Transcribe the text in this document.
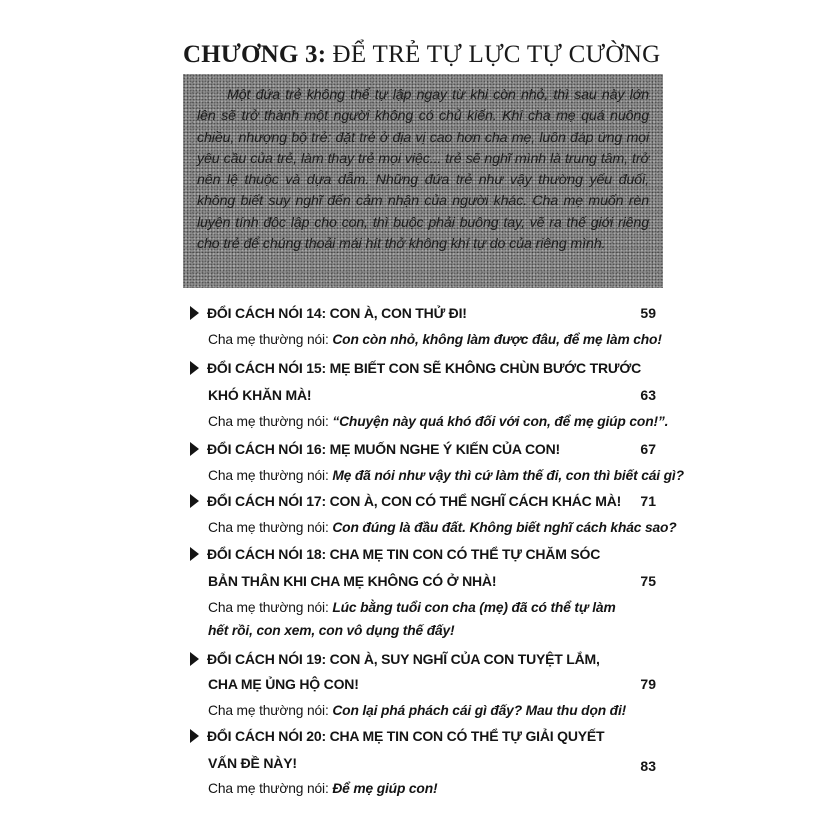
CHƯƠNG 3: ĐỂ TRẺ TỰ LỰC TỰ CƯỜNG

Một đứa trẻ không thể tự lập ngay từ khi còn nhỏ, thì sau này lớn lên sẽ trở thành một người không có chủ kiến. Khi cha mẹ quá nuông chiều, nhượng bộ trẻ: đặt trẻ ở địa vị cao hơn cha mẹ, luôn đáp ứng mọi yêu cầu của trẻ, làm thay trẻ mọi việc... trẻ sẽ nghĩ mình là trung tâm, trở nên lệ thuộc và dựa dẫm. Những đứa trẻ như vậy thường yếu đuối, không biết suy nghĩ đến cảm nhận của người khác. Cha mẹ muốn rèn luyện tính độc lập cho con, thì buộc phải buông tay, vẽ ra thế giới riêng cho trẻ để chúng thoải mái hít thở không khí tự do của riêng mình.

ĐỔI CÁCH NÓI 14: CON À, CON THỬ ĐI!	59
Cha mẹ thường nói: Con còn nhỏ, không làm được đâu, để mẹ làm cho!
ĐỔI CÁCH NÓI 15: MẸ BIẾT CON SẼ KHÔNG CHÙN BƯỚC TRƯỚC
KHÓ KHĂN MÀ!	63
Cha mẹ thường nói: “Chuyện này quá khó đối với con, để mẹ giúp con!”.
ĐỔI CÁCH NÓI 16: MẸ MUỐN NGHE Ý KIẾN CỦA CON!	67
Cha mẹ thường nói: Mẹ đã nói như vậy thì cứ làm thế đi, con thì biết cái gì?
ĐỔI CÁCH NÓI 17: CON À, CON CÓ THỂ NGHĨ CÁCH KHÁC MÀ!	71
Cha mẹ thường nói: Con đúng là đầu đất. Không biết nghĩ cách khác sao?
ĐỔI CÁCH NÓI 18: CHA MẸ TIN CON CÓ THỂ TỰ CHĂM SÓC
BẢN THÂN KHI CHA MẸ KHÔNG CÓ Ở NHÀ!	75
Cha mẹ thường nói: Lúc bằng tuổi con cha (mẹ) đã có thể tự làm
hết rồi, con xem, con vô dụng thế đấy!
ĐỔI CÁCH NÓI 19: CON À, SUY NGHĨ CỦA CON TUYỆT LẮM,
CHA MẸ ỦNG HỘ CON!	79
Cha mẹ thường nói: Con lại phá phách cái gì đấy? Mau thu dọn đi!
ĐỔI CÁCH NÓI 20: CHA MẸ TIN CON CÓ THỂ TỰ GIẢI QUYẾT
VẤN ĐỀ NÀY!	83
Cha mẹ thường nói: Để mẹ giúp con!
